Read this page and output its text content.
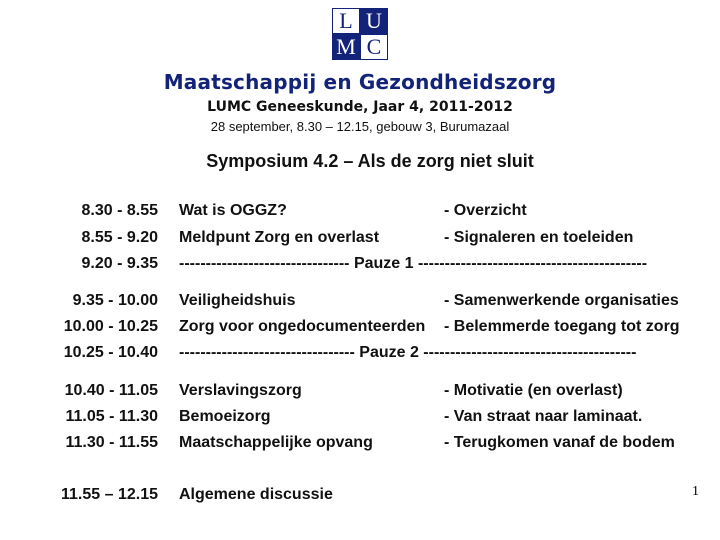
L U
M C
Maatschappij en Gezondheidszorg
LUMC Geneeskunde, Jaar 4, 2011-2012
28 september, 8.30 – 12.15, gebouw 3, Burumazaal
Symposium 4.2 – Als de zorg niet sluit
8.30 - 8.55 Wat is OGGZ?	- Overzicht
8.55 - 9.20 Meldpunt Zorg en overlast	- Signaleren en toeleiden
9.20 - 9.35 -------------------------------- Pauze 1 -------------------------------------------
9.35 - 10.00 Veiligheidshuis	- Samenwerkende organisaties
10.00 - 10.25 Zorg voor ongedocumenteerden - Belemmerde toegang tot zorg
10.25 - 10.40 --------------------------------- Pauze 2 ----------------------------------------
10.40 - 11.05 Verslavingszorg	- Motivatie (en overlast)
11.05 - 11.30 Bemoeizorg	- Van straat naar laminaat.
11.30 - 11.55 Maatschappelijke opvang	- Terugkomen vanaf de bodem
11.55 – 12.15 Algemene discussie	1
